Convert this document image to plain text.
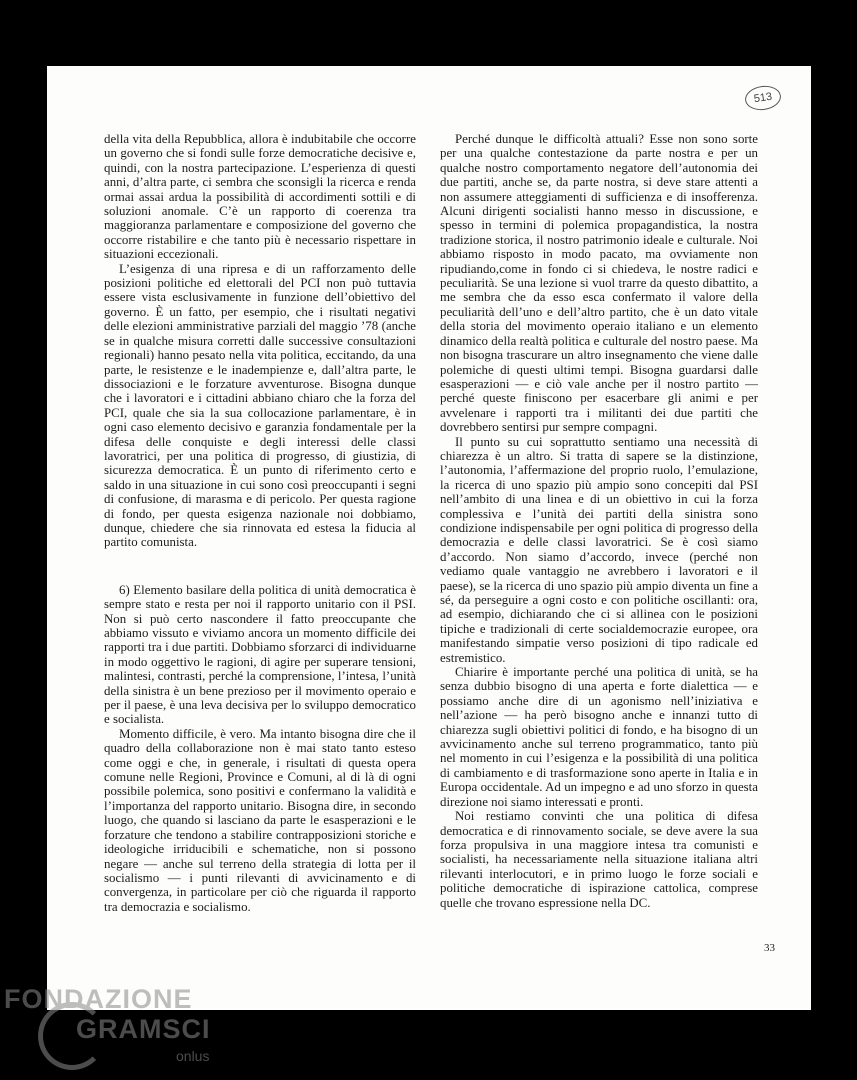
513

della vita della Repubblica, allora è indubitabile che occorre un governo che si fondi sulle forze democratiche decisive e, quindi, con la nostra partecipazione. L’esperienza di questi anni, d’altra parte, ci sembra che sconsigli la ricerca e renda ormai assai ardua la possibilità di accordimenti sottili e di soluzioni anomale. C’è un rapporto di coerenza tra maggioranza parlamentare e composizione del governo che occorre ristabilire e che tanto più è necessario rispettare in situazioni eccezionali.

L’esigenza di una ripresa e di un rafforzamento delle posizioni politiche ed elettorali del PCI non può tuttavia essere vista esclusivamente in funzione dell’obiettivo del governo. È un fatto, per esempio, che i risultati negativi delle elezioni amministrative parziali del maggio ’78 (anche se in qualche misura corretti dalle successive consultazioni regionali) hanno pesato nella vita politica, eccitando, da una parte, le resistenze e le inadempienze e, dall’altra parte, le dissociazioni e le forzature avventurose. Bisogna dunque che i lavoratori e i cittadini abbiano chiaro che la forza del PCI, quale che sia la sua collocazione parlamentare, è in ogni caso elemento decisivo e garanzia fondamentale per la difesa delle conquiste e degli interessi delle classi lavoratrici, per una politica di progresso, di giustizia, di sicurezza democratica. È un punto di riferimento certo e saldo in una situazione in cui sono così preoccupanti i segni di confusione, di marasma e di pericolo. Per questa ragione di fondo, per questa esigenza nazionale noi dobbiamo, dunque, chiedere che sia rinnovata ed estesa la fiducia al partito comunista.

6) Elemento basilare della politica di unità democratica è sempre stato e resta per noi il rapporto unitario con il PSI. Non si può certo nascondere il fatto preoccupante che abbiamo vissuto e viviamo ancora un momento difficile dei rapporti tra i due partiti. Dobbiamo sforzarci di individuarne in modo oggettivo le ragioni, di agire per superare tensioni, malintesi, contrasti, perché la comprensione, l’intesa, l’unità della sinistra è un bene prezioso per il movimento operaio e per il paese, è una leva decisiva per lo sviluppo democratico e socialista.

Momento difficile, è vero. Ma intanto bisogna dire che il quadro della collaborazione non è mai stato tanto esteso come oggi e che, in generale, i risultati di questa opera comune nelle Regioni, Province e Comuni, al di là di ogni possibile polemica, sono positivi e confermano la validità e l’importanza del rapporto unitario. Bisogna dire, in secondo luogo, che quando si lasciano da parte le esasperazioni e le forzature che tendono a stabilire contrapposizioni storiche e ideologiche irriducibili e schematiche, non si possono negare — anche sul terreno della strategia di lotta per il socialismo — i punti rilevanti di avvicinamento e di convergenza, in particolare per ciò che riguarda il rapporto tra democrazia e socialismo.

Perché dunque le difficoltà attuali? Esse non sono sorte per una qualche contestazione da parte nostra e per un qualche nostro comportamento negatore dell’autonomia dei due partiti, anche se, da parte nostra, si deve stare attenti a non assumere atteggiamenti di sufficienza e di insofferenza. Alcuni dirigenti socialisti hanno messo in discussione, e spesso in termini di polemica propagandistica, la nostra tradizione storica, il nostro patrimonio ideale e culturale. Noi abbiamo risposto in modo pacato, ma ovviamente non ripudiando,come in fondo ci si chiedeva, le nostre radici e peculiarità. Se una lezione si vuol trarre da questo dibattito, a me sembra che da esso esca confermato il valore della peculiarità dell’uno e dell’altro partito, che è un dato vitale della storia del movimento operaio italiano e un elemento dinamico della realtà politica e culturale del nostro paese. Ma non bisogna trascurare un altro insegnamento che viene dalle polemiche di questi ultimi tempi. Bisogna guardarsi dalle esasperazioni — e ciò vale anche per il nostro partito — perché queste finiscono per esacerbare gli animi e per avvelenare i rapporti tra i militanti dei due partiti che dovrebbero sentirsi pur sempre compagni.

Il punto su cui soprattutto sentiamo una necessità di chiarezza è un altro. Si tratta di sapere se la distinzione, l’autonomia, l’affermazione del proprio ruolo, l’emulazione, la ricerca di uno spazio più ampio sono concepiti dal PSI nell’ambito di una linea e di un obiettivo in cui la forza complessiva e l’unità dei partiti della sinistra sono condizione indispensabile per ogni politica di progresso della democrazia e delle classi lavoratrici. Se è così siamo d’accordo. Non siamo d’accordo, invece (perché non vediamo quale vantaggio ne avrebbero i lavoratori e il paese), se la ricerca di uno spazio più ampio diventa un fine a sé, da perseguire a ogni costo e con politiche oscillanti: ora, ad esempio, dichiarando che ci si allinea con le posizioni tipiche e tradizionali di certe socialdemocrazie europee, ora manifestando simpatie verso posizioni di tipo radicale ed estremistico.

Chiarire è importante perché una politica di unità, se ha senza dubbio bisogno di una aperta e forte dialettica — e possiamo anche dire di un agonismo nell’iniziativa e nell’azione — ha però bisogno anche e innanzi tutto di chiarezza sugli obiettivi politici di fondo, e ha bisogno di un avvicinamento anche sul terreno programmatico, tanto più nel momento in cui l’esigenza e la possibilità di una politica di cambiamento e di trasformazione sono aperte in Italia e in Europa occidentale. Ad un impegno e ad uno sforzo in questa direzione noi siamo interessati e pronti.

Noi restiamo convinti che una politica di difesa democratica e di rinnovamento sociale, se deve avere la sua forza propulsiva in una maggiore intesa tra comunisti e socialisti, ha necessariamente nella situazione italiana altri rilevanti interlocutori, e in primo luogo le forze sociali e politiche democratiche di ispirazione cattolica, comprese quelle che trovano espressione nella DC.

33
FONDAZIONE
GRAMSCI
onlus
